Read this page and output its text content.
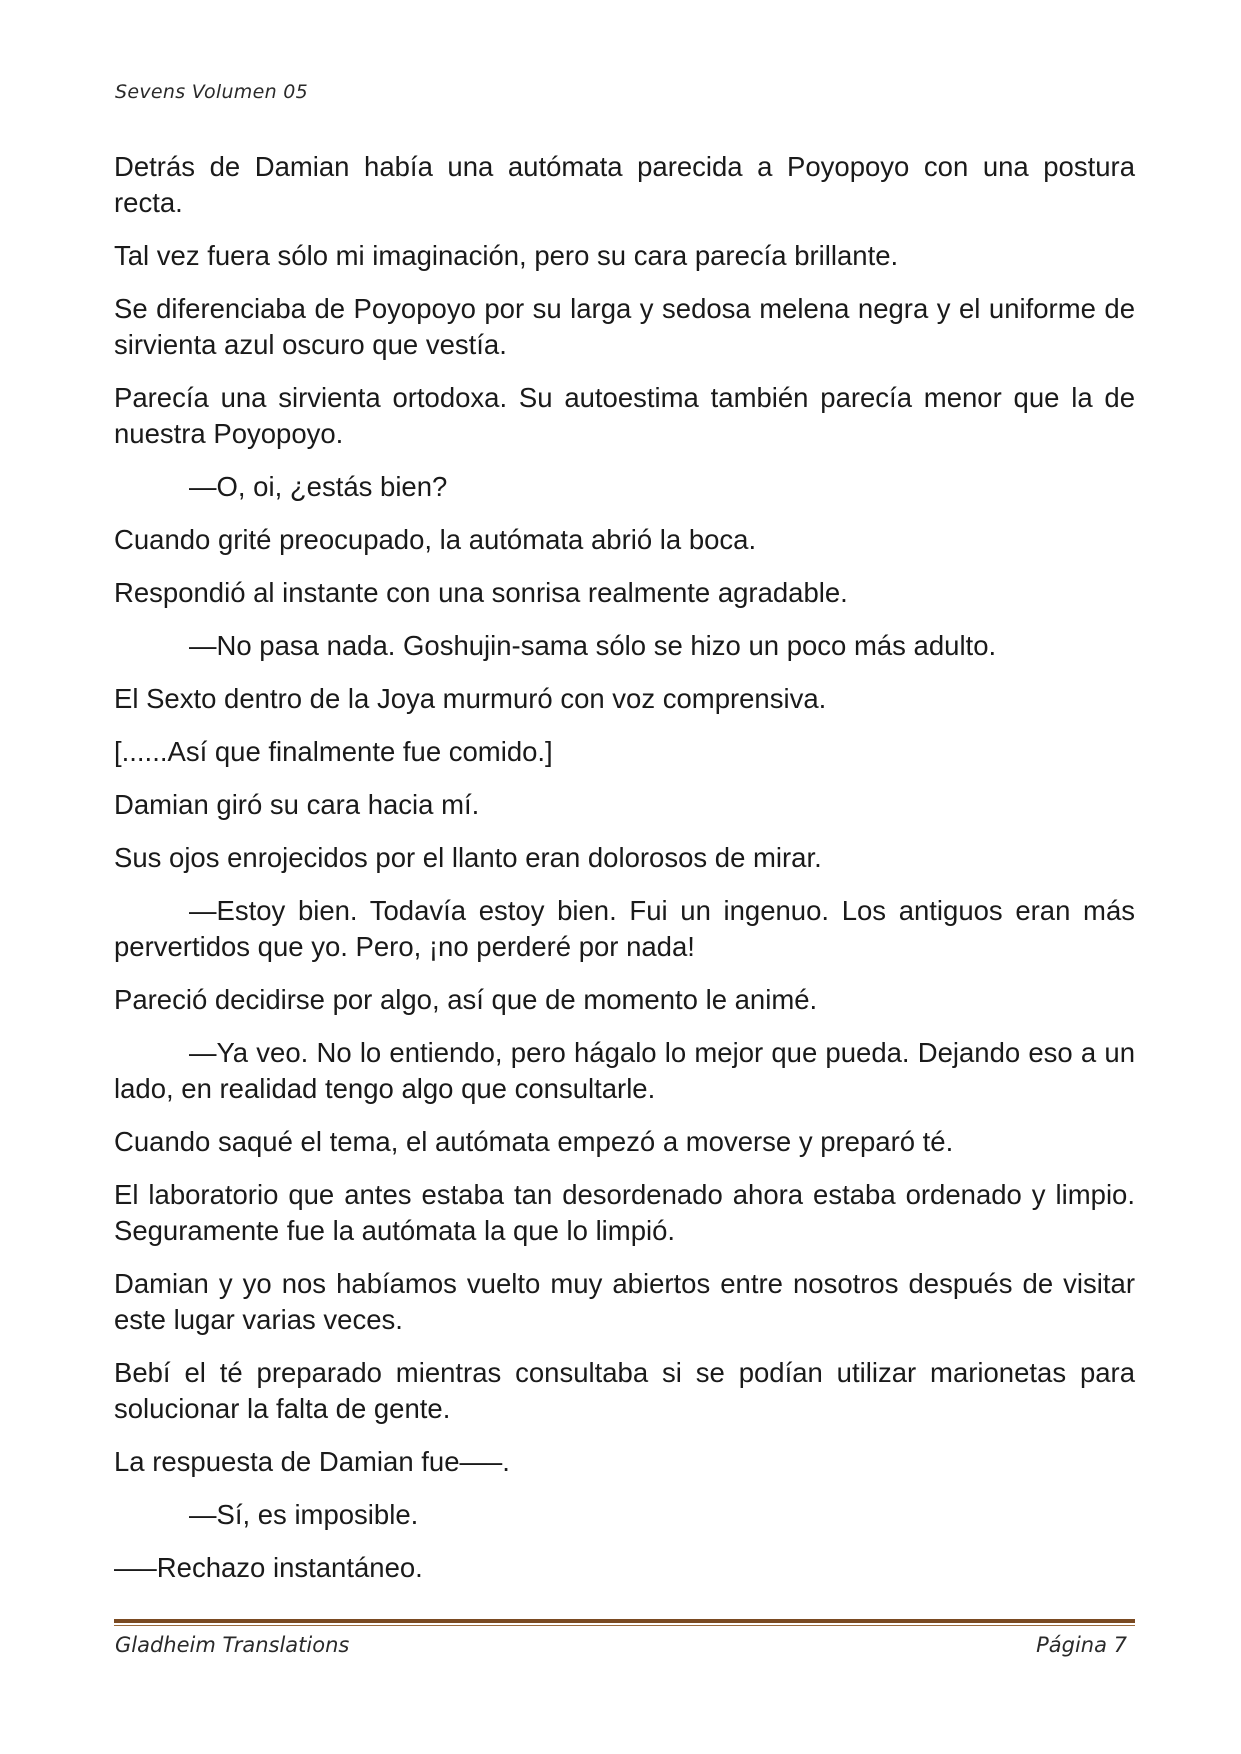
Sevens Volumen 05

Detrás de Damian había una autómata parecida a Poyopoyo con una postura recta.

Tal vez fuera sólo mi imaginación, pero su cara parecía brillante.

Se diferenciaba de Poyopoyo por su larga y sedosa melena negra y el uniforme de sirvienta azul oscuro que vestía.

Parecía una sirvienta ortodoxa. Su autoestima también parecía menor que la de nuestra Poyopoyo.

—O, oi, ¿estás bien?

Cuando grité preocupado, la autómata abrió la boca.

Respondió al instante con una sonrisa realmente agradable.

—No pasa nada. Goshujin-sama sólo se hizo un poco más adulto.

El Sexto dentro de la Joya murmuró con voz comprensiva.

[......Así que finalmente fue comido.]

Damian giró su cara hacia mí.

Sus ojos enrojecidos por el llanto eran dolorosos de mirar.

—Estoy bien. Todavía estoy bien. Fui un ingenuo. Los antiguos eran más pervertidos que yo. Pero, ¡no perderé por nada!

Pareció decidirse por algo, así que de momento le animé.

—Ya veo. No lo entiendo, pero hágalo lo mejor que pueda. Dejando eso a un lado, en realidad tengo algo que consultarle.

Cuando saqué el tema, el autómata empezó a moverse y preparó té.

El laboratorio que antes estaba tan desordenado ahora estaba ordenado y limpio. Seguramente fue la autómata la que lo limpió.

Damian y yo nos habíamos vuelto muy abiertos entre nosotros después de visitar este lugar varias veces.

Bebí el té preparado mientras consultaba si se podían utilizar marionetas para solucionar la falta de gente.

La respuesta de Damian fue—–.

—Sí, es imposible.

—–Rechazo instantáneo.

Gladheim Translations	Página 7
